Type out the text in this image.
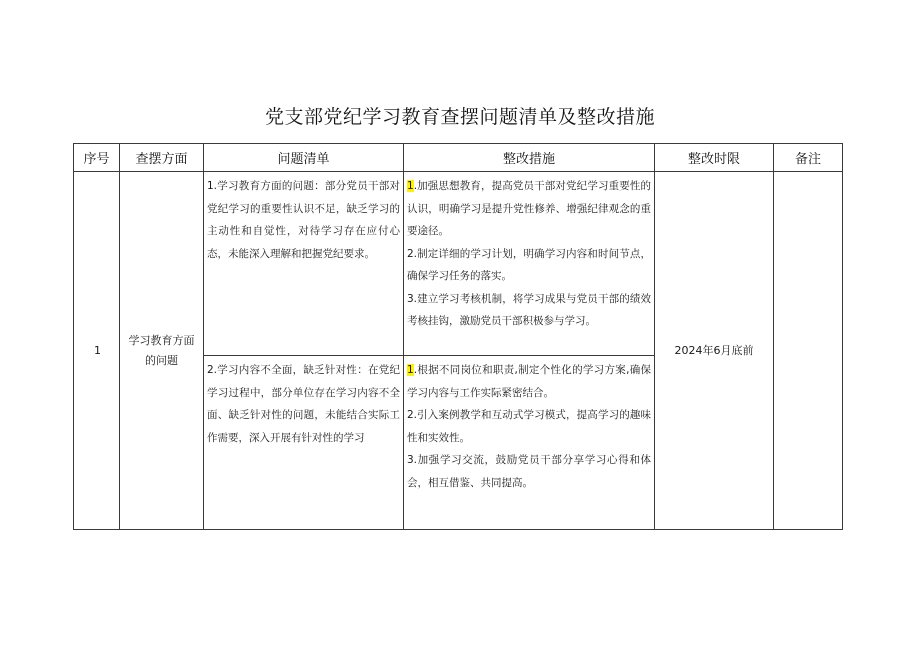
党支部党纪学习教育查摆问题清单及整改措施
序号	查摆方面	问题清单	整改措施	整改时限	备注
1	学习教育方面的问题	1.学习教育方面的问题：部分党员干部对党纪学习的重要性认识不足，缺乏学习的主动性和自觉性，对待学习存在应付心态，未能深入理解和把握党纪要求。	1.加强思想教育，提高党员干部对党纪学习重要性的认识，明确学习是提升党性修养、增强纪律观念的重要途径。
2.制定详细的学习计划，明确学习内容和时间节点，确保学习任务的落实。
3.建立学习考核机制，将学习成果与党员干部的绩效考核挂钩，激励党员干部积极参与学习。	2024年6月底前	
		2.学习内容不全面，缺乏针对性：在党纪学习过程中，部分单位存在学习内容不全面、缺乏针对性的问题，未能结合实际工作需要，深入开展有针对性的学习	1.根据不同岗位和职责,制定个性化的学习方案,确保学习内容与工作实际紧密结合。
2.引入案例教学和互动式学习模式，提高学习的趣味性和实效性。
3.加强学习交流，鼓励党员干部分享学习心得和体会，相互借鉴、共同提高。		
